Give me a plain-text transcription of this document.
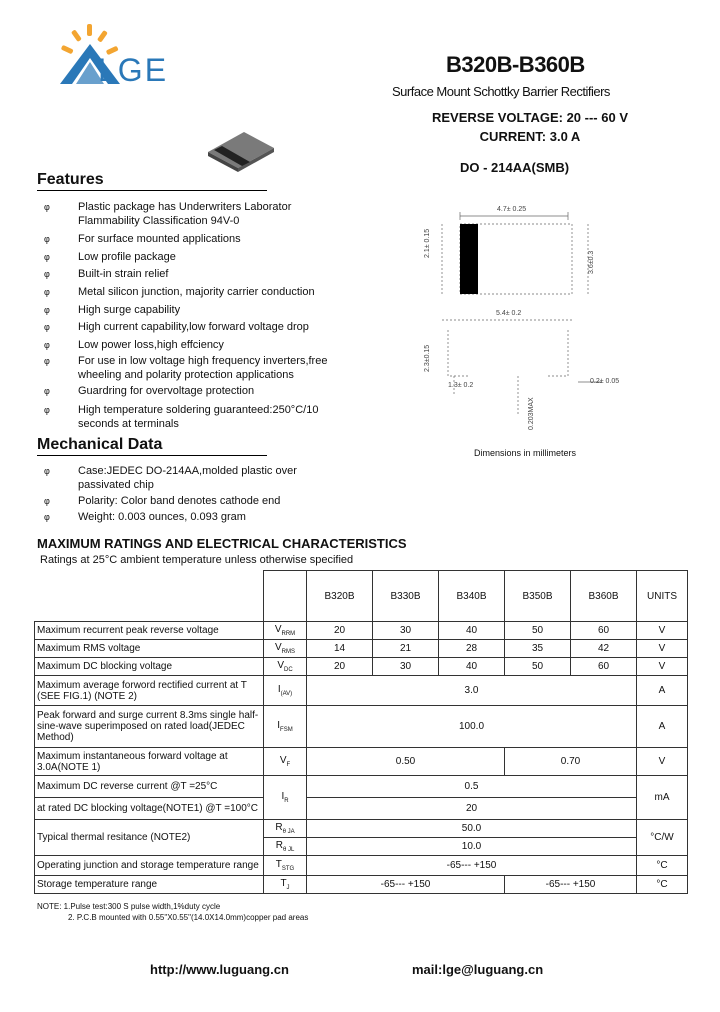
LGE	B320B-B360B
Surface Mount Schottky Barrier Rectifiers
REVERSE VOLTAGE: 20 --- 60 V
CURRENT: 3.0 A
DO - 214AA(SMB)
Features
φ	Plastic package has Underwriters Laborator Flammability Classification 94V-0
φ	For surface mounted applications
φ	Low profile package
φ	Built-in strain relief
φ	Metal silicon junction, majority carrier conduction
φ	High surge capability
φ	High current capability,low forward voltage drop
φ	Low power loss,high effciency
φ	For use in low voltage high frequency inverters,free wheeling and polarity protection applications
φ	Guardring for overvoltage protection
φ	High temperature soldering guaranteed:250°C/10 seconds at terminals
Mechanical Data
φ	Case:JEDEC DO-214AA,molded plastic over passivated chip
φ	Polarity: Color band denotes cathode end
φ	Weight: 0.003 ounces, 0.093 gram
4.7± 0.25
2.1± 0.15
3.6±0.3
5.4± 0.2
2.3±0.15
1.3± 0.2
0.2± 0.05
0.203MAX
Dimensions in millimeters
MAXIMUM RATINGS AND ELECTRICAL CHARACTERISTICS
Ratings at 25°C ambient temperature unless otherwise specified
		B320B	B330B	B340B	B350B	B360B	UNITS
Maximum recurrent peak reverse voltage	$V_{RRM}$	20	30	40	50	60	V
Maximum RMS voltage	$V_{RMS}$	14	21	28	35	42	V
Maximum DC blocking voltage	$V_{DC}$	20	30	40	50	60	V
Maximum average forword rectified current at T (SEE FIG.1) (NOTE 2)	$I_{(AV)}$	3.0					A
Peak forward and surge current 8.3ms single half-sine-wave superimposed on rated load(JEDEC Method)	$I_{FSM}$	100.0					A
Maximum instantaneous forward voltage at 3.0A(NOTE 1)	$V_F$	0.50			0.70		V
Maximum DC reverse current @T =25°C	$I_R$	0.5					mA
at rated DC blocking voltage(NOTE1) @T =100°C		20					
Typical thermal resitance (NOTE2)	$R_{\theta JA}$	50.0					°C/W
	$R_{\theta JL}$	10.0					
Operating junction and storage temperature range	$T_{STG}$	-65--- +150					°C
Storage temperature range	$T_J$	-65--- +150			-65--- +150		°C
NOTE: 1.Pulse test:300 S pulse width,1%duty cycle
2. P.C.B mounted with 0.55"X0.55"(14.0X14.0mm)copper pad areas
http://www.luguang.cn	mail:lge@luguang.cn
